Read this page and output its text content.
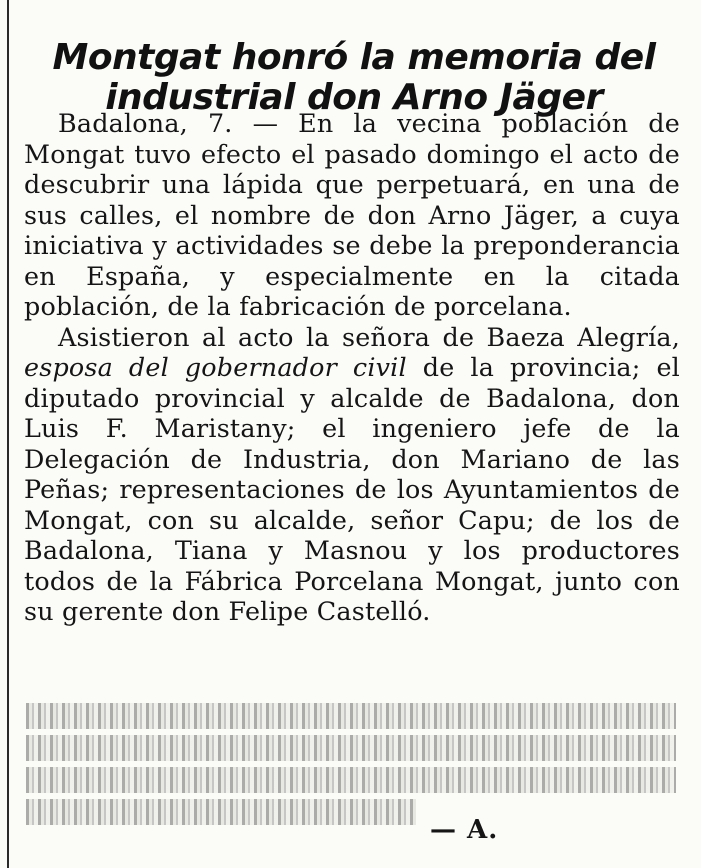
Montgat honró la memoria del industrial don Arno Jäger

Badalona, 7. — En la vecina población de Mongat tuvo efecto el pasado domingo el acto de descubrir una lápida que perpetuará, en una de sus calles, el nombre de don Arno Jäger, a cuya iniciativa y actividades se debe la preponderancia en España, y especialmente en la citada población, de la fabricación de porcelana.

Asistieron al acto la señora de Baeza Alegría, esposa del gobernador civil de la provincia; el diputado provincial y alcalde de Badalona, don Luis F. Maristany; el ingeniero jefe de la Delegación de Industria, don Mariano de las Peñas; representaciones de los Ayuntamientos de Mongat, con su alcalde, señor Capu; de los de Badalona, Tiana y Masnou y los productores todos de la Fábrica Porcelana Mongat, junto con su gerente don Felipe Castelló.

— A.
